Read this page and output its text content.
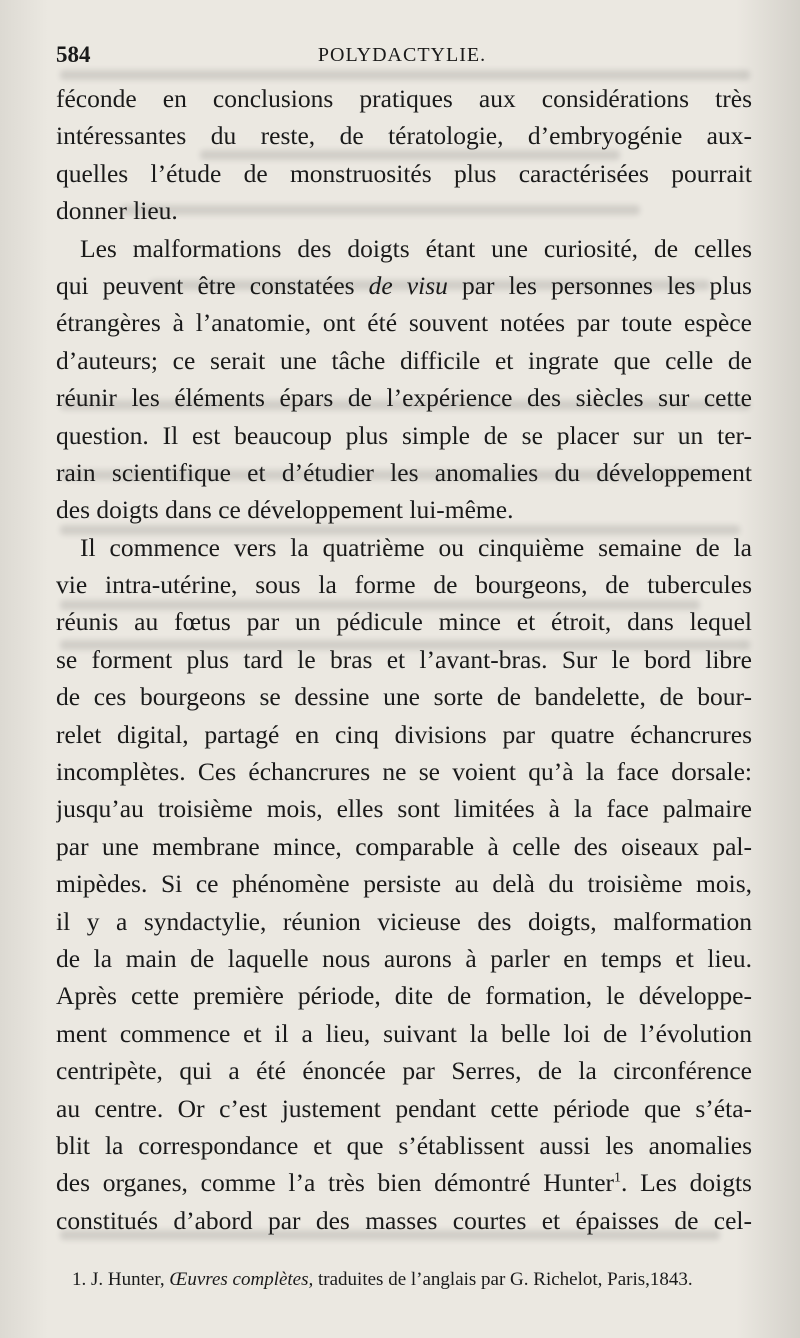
584	POLYDACTYLIE.
féconde en conclusions pratiques aux considérations très
intéressantes du reste, de tératologie, d’embryogénie aux-
quelles l’étude de monstruosités plus caractérisées pourrait
donner lieu.
Les malformations des doigts étant une curiosité, de celles
qui peuvent être constatées de visu par les personnes les plus
étrangères à l’anatomie, ont été souvent notées par toute espèce
d’auteurs; ce serait une tâche difficile et ingrate que celle de
réunir les éléments épars de l’expérience des siècles sur cette
question. Il est beaucoup plus simple de se placer sur un ter-
rain scientifique et d’étudier les anomalies du développement
des doigts dans ce développement lui-même.
Il commence vers la quatrième ou cinquième semaine de la
vie intra-utérine, sous la forme de bourgeons, de tubercules
réunis au fœtus par un pédicule mince et étroit, dans lequel
se forment plus tard le bras et l’avant-bras. Sur le bord libre
de ces bourgeons se dessine une sorte de bandelette, de bour-
relet digital, partagé en cinq divisions par quatre échancrures
incomplètes. Ces échancrures ne se voient qu’à la face dorsale:
jusqu’au troisième mois, elles sont limitées à la face palmaire
par une membrane mince, comparable à celle des oiseaux pal-
mipèdes. Si ce phénomène persiste au delà du troisième mois,
il y a syndactylie, réunion vicieuse des doigts, malformation
de la main de laquelle nous aurons à parler en temps et lieu.
Après cette première période, dite de formation, le développe-
ment commence et il a lieu, suivant la belle loi de l’évolution
centripète, qui a été énoncée par Serres, de la circonférence
au centre. Or c’est justement pendant cette période que s’éta-
blit la correspondance et que s’établissent aussi les anomalies
des organes, comme l’a très bien démontré Hunter$^1$. Les doigts
constitués d’abord par des masses courtes et épaisses de cel-
1. J. Hunter, Œuvres complètes, traduites de l’anglais par G. Richelot, Paris,1843.
